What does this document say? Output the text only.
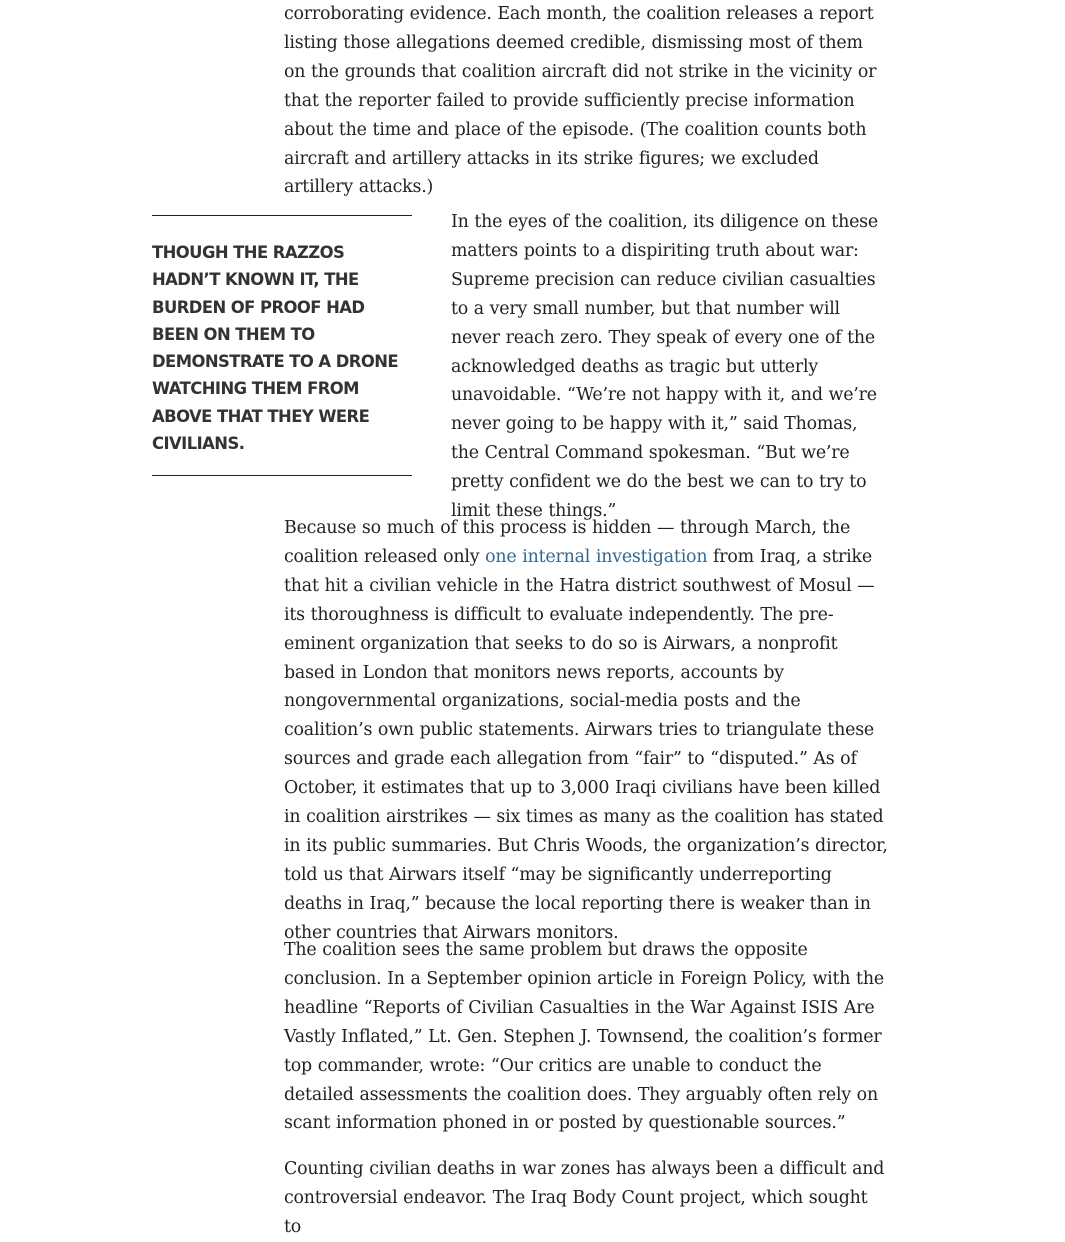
corroborating evidence. Each month, the coalition releases a report listing those allegations deemed credible, dismissing most of them on the grounds that coalition aircraft did not strike in the vicinity or that the reporter failed to provide sufficiently precise information about the time and place of the episode. (The coalition counts both aircraft and artillery attacks in its strike figures; we excluded artillery attacks.)

THOUGH THE RAZZOS HADN’T KNOWN IT, THE BURDEN OF PROOF HAD BEEN ON THEM TO DEMONSTRATE TO A DRONE WATCHING THEM FROM ABOVE THAT THEY WERE CIVILIANS.

In the eyes of the coalition, its diligence on these matters points to a dispiriting truth about war: Supreme precision can reduce civilian casualties to a very small number, but that number will never reach zero. They speak of every one of the acknowledged deaths as tragic but utterly unavoidable. “We’re not happy with it, and we’re never going to be happy with it,” said Thomas, the Central Command spokesman. “But we’re pretty confident we do the best we can to try to limit these things.”

Because so much of this process is hidden — through March, the coalition released only one internal investigation from Iraq, a strike that hit a civilian vehicle in the Hatra district southwest of Mosul — its thoroughness is difficult to evaluate independently. The pre-eminent organization that seeks to do so is Airwars, a nonprofit based in London that monitors news reports, accounts by nongovernmental organizations, social-media posts and the coalition’s own public statements. Airwars tries to triangulate these sources and grade each allegation from “fair” to “disputed.” As of October, it estimates that up to 3,000 Iraqi civilians have been killed in coalition airstrikes — six times as many as the coalition has stated in its public summaries. But Chris Woods, the organization’s director, told us that Airwars itself “may be significantly underreporting deaths in Iraq,” because the local reporting there is weaker than in other countries that Airwars monitors.

The coalition sees the same problem but draws the opposite conclusion. In a September opinion article in Foreign Policy, with the headline “Reports of Civilian Casualties in the War Against ISIS Are Vastly Inflated,” Lt. Gen. Stephen J. Townsend, the coalition’s former top commander, wrote: “Our critics are unable to conduct the detailed assessments the coalition does. They arguably often rely on scant information phoned in or posted by questionable sources.”

Counting civilian deaths in war zones has always been a difficult and controversial endeavor. The Iraq Body Count project, which sought to
